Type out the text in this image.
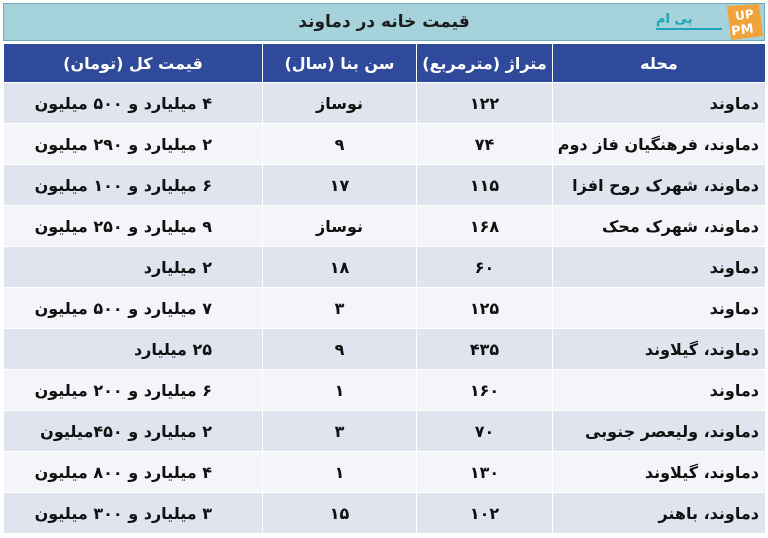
قیمت خانه در دماوند	پی ام	UP
PM
محله	متراژ (مترمربع)	سن بنا (سال)	قیمت کل (تومان)
دماوند	۱۲۲	نوساز	۴ میلیارد و ۵۰۰ میلیون
دماوند، فرهنگیان فاز دوم	۷۴	۹	۲ میلیارد و ۲۹۰ میلیون
دماوند، شهرک روح افزا	۱۱۵	۱۷	۶ میلیارد و ۱۰۰ میلیون
دماوند، شهرک محک	۱۶۸	نوساز	۹ میلیارد و ۲۵۰ میلیون
دماوند	۶۰	۱۸	۲ میلیارد
دماوند	۱۲۵	۳	۷ میلیارد و ۵۰۰ میلیون
دماوند، گیلاوند	۴۳۵	۹	۲۵ میلیارد
دماوند	۱۶۰	۱	۶ میلیارد و ۲۰۰ میلیون
دماوند، ولیعصر جنوبی	۷۰	۳	۲ میلیارد و ۴۵۰میلیون
دماوند، گیلاوند	۱۳۰	۱	۴ میلیارد و ۸۰۰ میلیون
دماوند، باهنر	۱۰۲	۱۵	۳ میلیارد و ۳۰۰ میلیون
